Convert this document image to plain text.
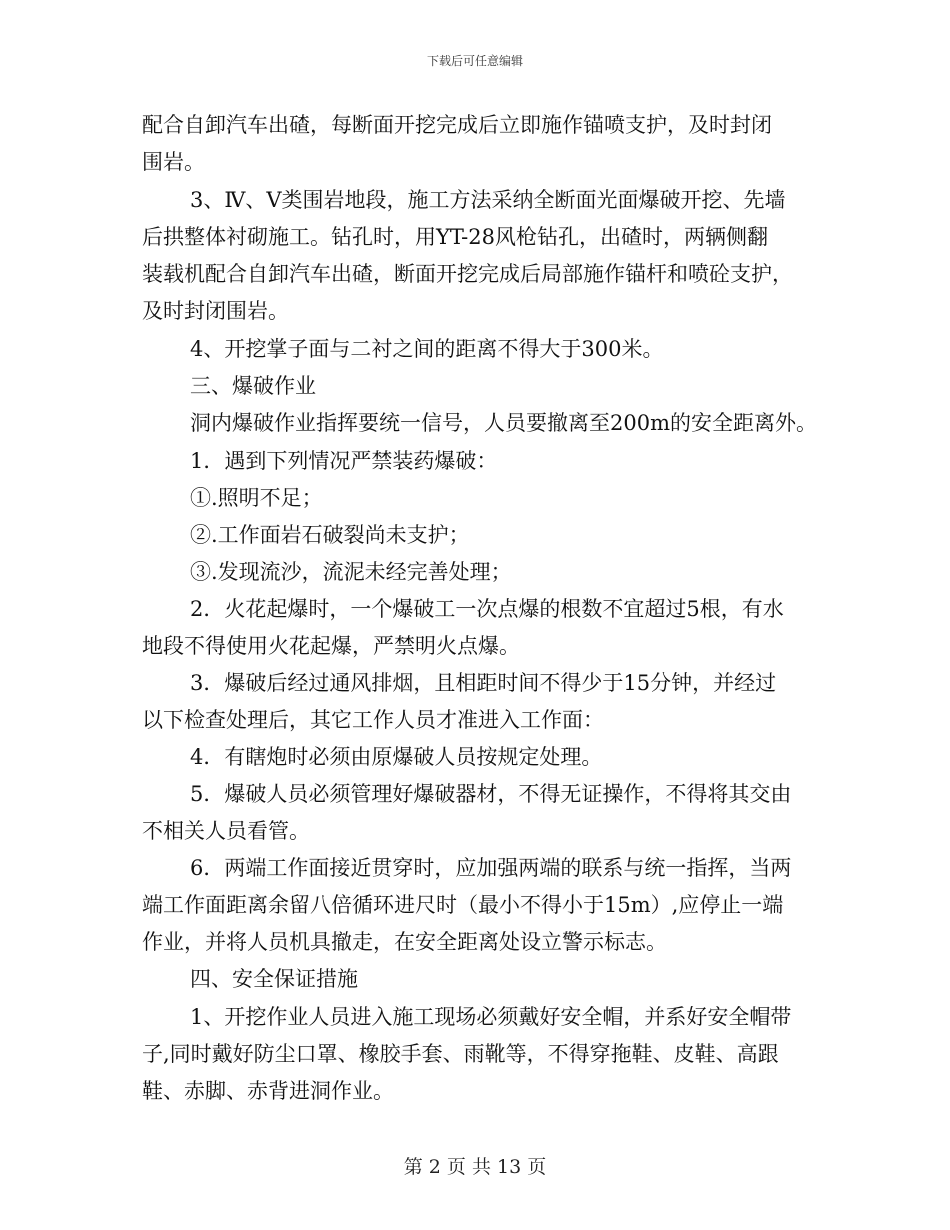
下载后可任意编辑
配合自卸汽车出碴，每断面开挖完成后立即施作锚喷支护，及时封闭
围岩。
3、Ⅳ、Ⅴ类围岩地段，施工方法采纳全断面光面爆破开挖、先墙
后拱整体衬砌施工。钻孔时，用YT-28风枪钻孔，出碴时，两辆侧翻
装载机配合自卸汽车出碴，断面开挖完成后局部施作锚杆和喷砼支护，
及时封闭围岩。
4、开挖掌子面与二衬之间的距离不得大于300米。
三、爆破作业
洞内爆破作业指挥要统一信号，人员要撤离至200m的安全距离外。
1．遇到下列情况严禁装药爆破：
①.照明不足；
②.工作面岩石破裂尚未支护；
③.发现流沙，流泥未经完善处理；
2．火花起爆时，一个爆破工一次点爆的根数不宜超过5根，有水
地段不得使用火花起爆，严禁明火点爆。
3．爆破后经过通风排烟，且相距时间不得少于15分钟，并经过
以下检查处理后，其它工作人员才准进入工作面：
4．有瞎炮时必须由原爆破人员按规定处理。
5．爆破人员必须管理好爆破器材，不得无证操作，不得将其交由
不相关人员看管。
6．两端工作面接近贯穿时，应加强两端的联系与统一指挥，当两
端工作面距离余留八倍循环进尺时（最小不得小于15m）,应停止一端
作业，并将人员机具撤走，在安全距离处设立警示标志。
四、安全保证措施
1、开挖作业人员进入施工现场必须戴好安全帽，并系好安全帽带
子,同时戴好防尘口罩、橡胶手套、雨靴等，不得穿拖鞋、皮鞋、高跟
鞋、赤脚、赤背进洞作业。
第 2 页 共 13 页
